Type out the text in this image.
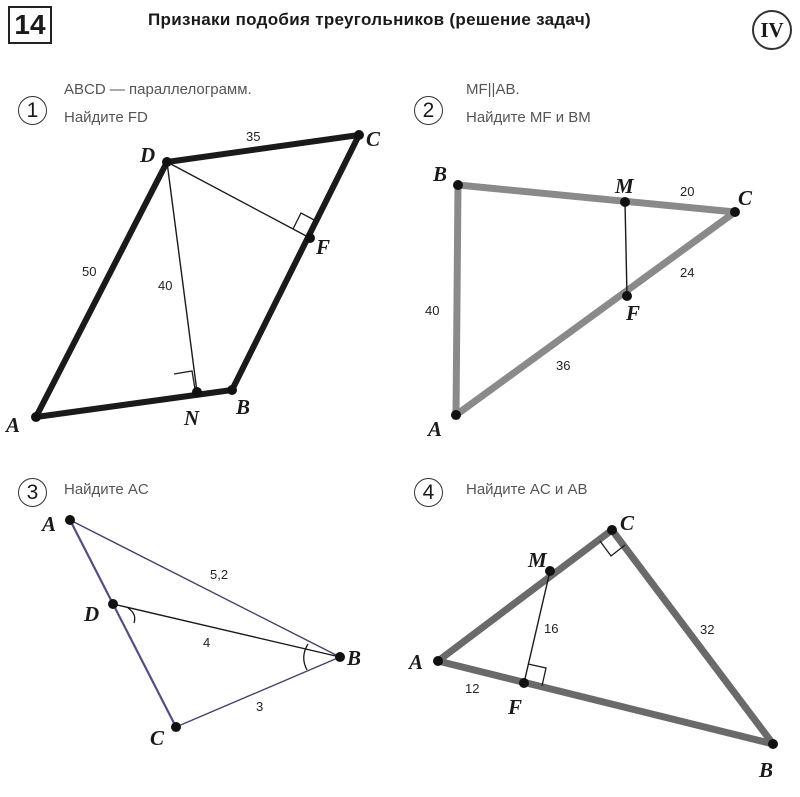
14	Признаки подобия треугольников (решение задач)	IV
1	2
3	4
ABCD — параллелограмм.
Найдите FD
MF||AB.
Найдите MF и BM
Найдите AC	Найдите AC и AB
A
D
C
B
N
F
35
50
40
B	M	C
F
A
20
24
40
36
A
D
C
B
5,2
4
3
A
M
C
F
B
16	32
12
